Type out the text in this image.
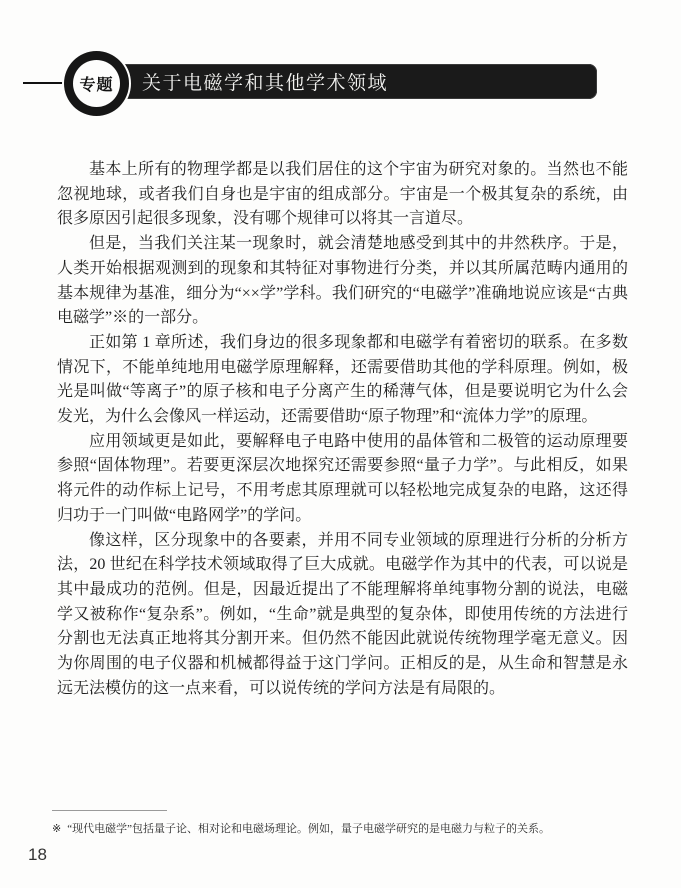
关于电磁学和其他学术领域
专题

基本上所有的物理学都是以我们居住的这个宇宙为研究对象的。当然也不能忽视地球，或者我们自身也是宇宙的组成部分。宇宙是一个极其复杂的系统，由很多原因引起很多现象，没有哪个规律可以将其一言道尽。

但是，当我们关注某一现象时，就会清楚地感受到其中的井然秩序。于是，人类开始根据观测到的现象和其特征对事物进行分类，并以其所属范畴内通用的基本规律为基准，细分为“××学”学科。我们研究的“电磁学”准确地说应该是“古典电磁学”※的一部分。

正如第 1 章所述，我们身边的很多现象都和电磁学有着密切的联系。在多数情况下，不能单纯地用电磁学原理解释，还需要借助其他的学科原理。例如，极光是叫做“等离子”的原子核和电子分离产生的稀薄气体，但是要说明它为什么会发光，为什么会像风一样运动，还需要借助“原子物理”和“流体力学”的原理。

应用领域更是如此，要解释电子电路中使用的晶体管和二极管的运动原理要参照“固体物理”。若要更深层次地探究还需要参照“量子力学”。与此相反，如果将元件的动作标上记号，不用考虑其原理就可以轻松地完成复杂的电路，这还得归功于一门叫做“电路网学”的学问。

像这样，区分现象中的各要素，并用不同专业领域的原理进行分析的分析方法，20 世纪在科学技术领域取得了巨大成就。电磁学作为其中的代表，可以说是其中最成功的范例。但是，因最近提出了不能理解将单纯事物分割的说法，电磁学又被称作“复杂系”。例如，“生命”就是典型的复杂体，即使用传统的方法进行分割也无法真正地将其分割开来。但仍然不能因此就说传统物理学毫无意义。因为你周围的电子仪器和机械都得益于这门学问。正相反的是，从生命和智慧是永远无法模仿的这一点来看，可以说传统的学问方法是有局限的。

※ “现代电磁学”包括量子论、相对论和电磁场理论。例如，量子电磁学研究的是电磁力与粒子的关系。
18
